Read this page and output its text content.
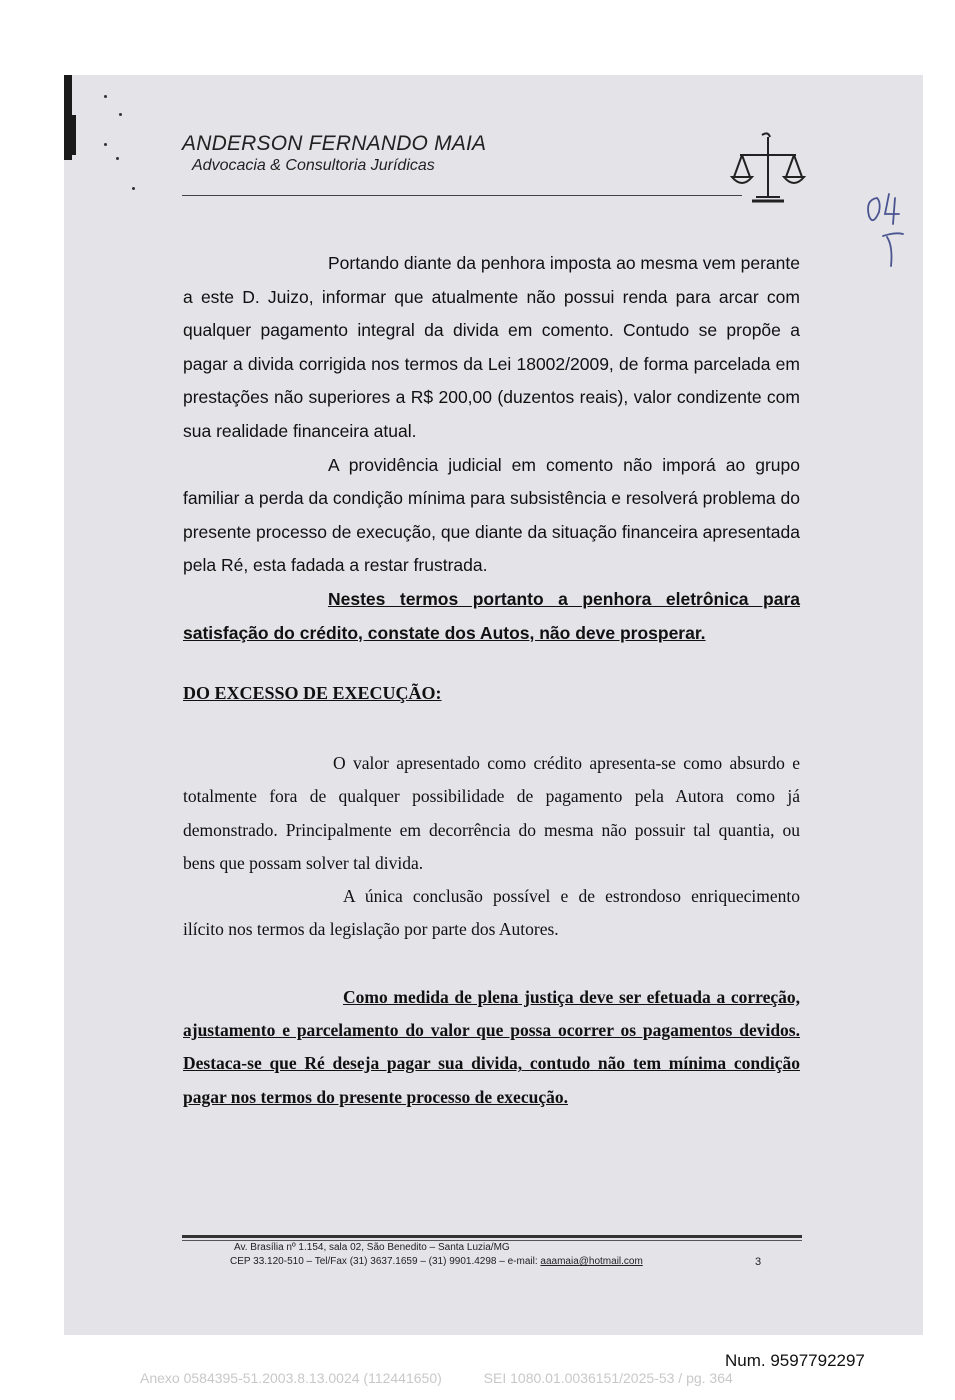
ANDERSON FERNANDO MAIA
Advocacia & Consultoria Jurídicas

Portando diante da penhora imposta ao mesma vem perante a este D. Juizo, informar que atualmente não possui renda para arcar com qualquer pagamento integral da divida em comento. Contudo se propõe a pagar a divida corrigida nos termos da Lei 18002/2009, de forma parcelada em prestações não superiores a R$ 200,00 (duzentos reais), valor condizente com sua realidade financeira atual.

A providência judicial em comento não imporá ao grupo familiar a perda da condição mínima para subsistência e resolverá problema do presente processo de execução, que diante da situação financeira apresentada pela Ré, esta fadada a restar frustrada.

Nestes termos portanto a penhora eletrônica para satisfação do crédito, constate dos Autos, não deve prosperar.

DO EXCESSO DE EXECUÇÃO:

O valor apresentado como crédito apresenta-se como absurdo e totalmente fora de qualquer possibilidade de pagamento pela Autora como já demonstrado. Principalmente em decorrência do mesma não possuir tal quantia, ou bens que possam solver tal divida.

A única conclusão possível e de estrondoso enriquecimento ilícito nos termos da legislação por parte dos Autores.

Como medida de plena justiça deve ser efetuada a correção, ajustamento e parcelamento do valor que possa ocorrer os pagamentos devidos. Destaca-se que Ré deseja pagar sua divida, contudo não tem mínima condição pagar nos termos do presente processo de execução.

Av. Brasília nº 1.154, sala 02, São Benedito – Santa Luzia/MG
CEP 33.120-510 – Tel/Fax (31) 3637.1659 – (31) 9901.4298 – e-mail: aaamaia@hotmail.com	3
Num. 9597792297
Anexo 0584395-51.2003.8.13.0024 (112441650)	SEI 1080.01.0036151/2025-53 / pg. 364
